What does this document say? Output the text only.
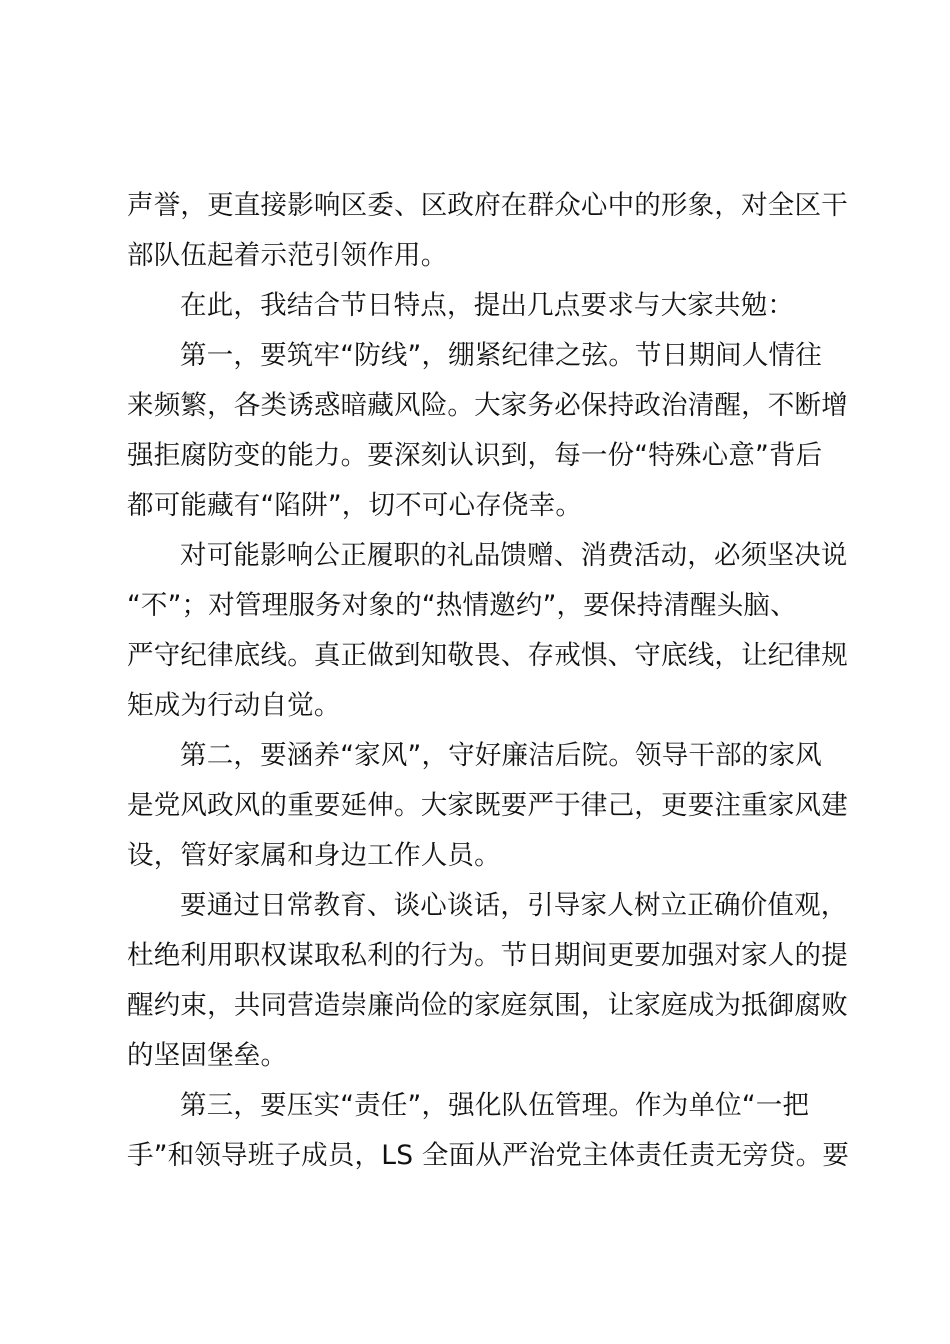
声誉，更直接影响区委、区政府在群众心中的形象，对全区干
部队伍起着示范引领作用。
在此，我结合节日特点，提出几点要求与大家共勉：
第一，要筑牢“防线”，绷紧纪律之弦。节日期间人情往
来频繁，各类诱惑暗藏风险。大家务必保持政治清醒，不断增
强拒腐防变的能力。要深刻认识到，每一份“特殊心意”背后
都可能藏有“陷阱”，切不可心存侥幸。
对可能影响公正履职的礼品馈赠、消费活动，必须坚决说
“不”；对管理服务对象的“热情邀约”，要保持清醒头脑、
严守纪律底线。真正做到知敬畏、存戒惧、守底线，让纪律规
矩成为行动自觉。
第二，要涵养“家风”，守好廉洁后院。领导干部的家风
是党风政风的重要延伸。大家既要严于律己，更要注重家风建
设，管好家属和身边工作人员。
要通过日常教育、谈心谈话，引导家人树立正确价值观，
杜绝利用职权谋取私利的行为。节日期间更要加强对家人的提
醒约束，共同营造崇廉尚俭的家庭氛围，让家庭成为抵御腐败
的坚固堡垒。
第三，要压实“责任”，强化队伍管理。作为单位“一把
手”和领导班子成员，LS 全面从严治党主体责任责无旁贷。要
